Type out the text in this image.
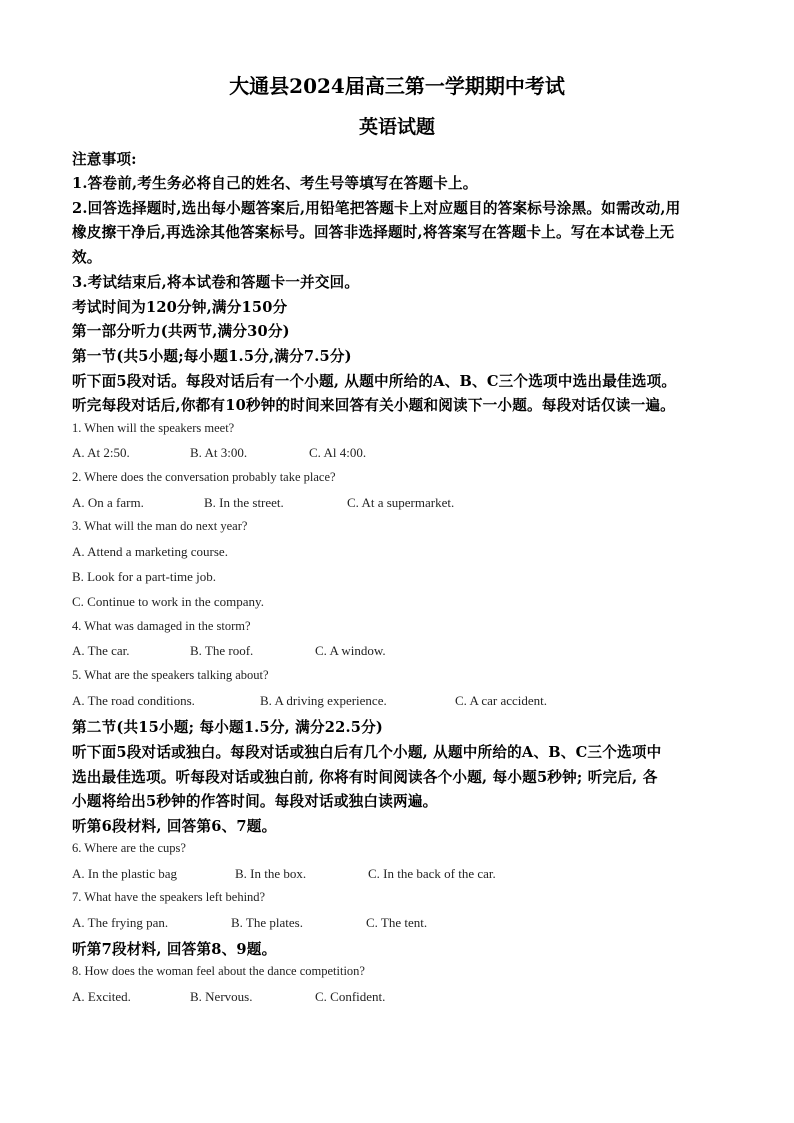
大通县2024届高三第一学期期中考试
英语试题
注意事项:
1.答卷前,考生务必将自己的姓名、考生号等填写在答题卡上。
2.回答选择题时,选出每小题答案后,用铅笔把答题卡上对应题目的答案标号涂黑。如需改动,用
橡皮擦干净后,再选涂其他答案标号。回答非选择题时,将答案写在答题卡上。写在本试卷上无
效。
3.考试结束后,将本试卷和答题卡一并交回。
考试时间为120分钟,满分150分
第一部分听力(共两节,满分30分)
第一节(共5小题;每小题1.5分,满分7.5分)
听下面5段对话。每段对话后有一个小题, 从题中所给的A、B、C三个选项中选出最佳选项。
听完每段对话后,你都有10秒钟的时间来回答有关小题和阅读下一小题。每段对话仅读一遍。
1. When will the speakers meet?
A. At 2:50.	B. At 3:00.	C. Al 4:00.
2. Where does the conversation probably take place?
A. On a farm.	B. In the street.	C. At a supermarket.
3. What will the man do next year?
A. Attend a marketing course.
B. Look for a part-time job.
C. Continue to work in the company.
4. What was damaged in the storm?
A. The car.	B. The roof.	C. A window.
5. What are the speakers talking about?
A. The road conditions.	B. A driving experience.	C. A car accident.
第二节(共15小题; 每小题1.5分, 满分22.5分)
听下面5段对话或独白。每段对话或独白后有几个小题, 从题中所给的A、B、C三个选项中
选出最佳选项。听每段对话或独白前, 你将有时间阅读各个小题, 每小题5秒钟; 听完后, 各
小题将给出5秒钟的作答时间。每段对话或独白读两遍。
听第6段材料, 回答第6、7题。
6. Where are the cups?
A. In the plastic bag	B. In the box.	C. In the back of the car.
7. What have the speakers left behind?
A. The frying pan.	B. The plates.	C. The tent.
听第7段材料, 回答第8、9题。
8. How does the woman feel about the dance competition?
A. Excited.	B. Nervous.	C. Confident.
